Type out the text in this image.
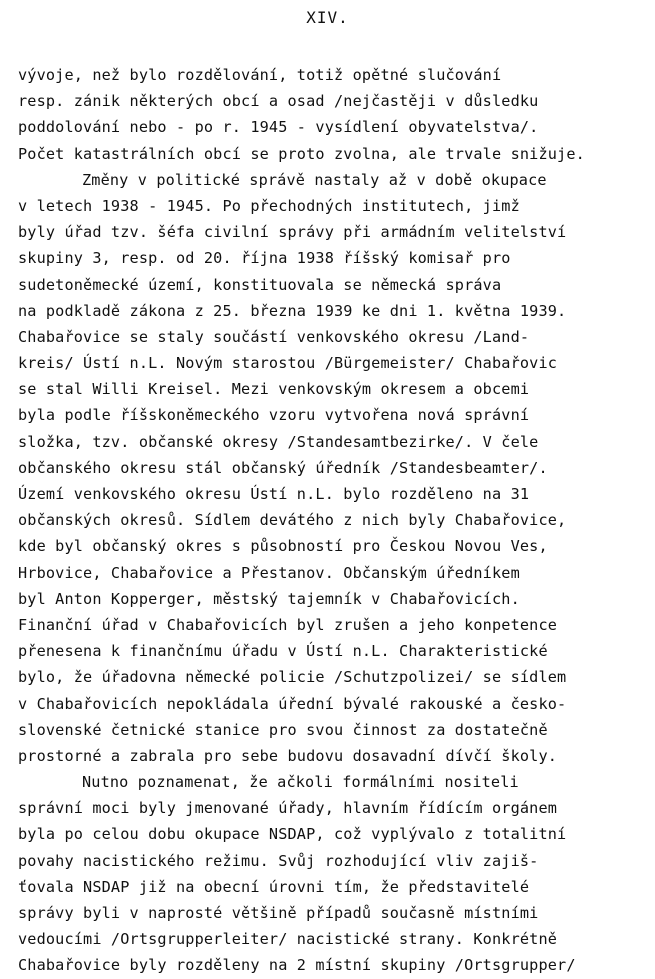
XIV.
vývoje, než bylo rozdělování, totiž opětné slučování
resp. zánik některých obcí a osad /nejčastěji v důsledku
poddolování nebo - po r. 1945 - vysídlení obyvatelstva/.
Počet katastrálních obcí se proto zvolna, ale trvale snižuje.
Změny v politické správě nastaly až v době okupace
v letech 1938 - 1945. Po přechodných institutech, jimž
byly úřad tzv. šéfa civilní správy při armádním velitelství
skupiny 3, resp. od 20. října 1938 říšský komisař pro
sudetoněmecké území, konstituovala se německá správa
na podkladě zákona z 25. března 1939 ke dni 1. května 1939.
Chabařovice se staly součástí venkovského okresu /Land-
kreis/ Ústí n.L. Novým starostou /Bürgemeister/ Chabařovic
se stal Willi Kreisel. Mezi venkovským okresem a obcemi
byla podle říšskoněmeckého vzoru vytvořena nová správní
složka, tzv. občanské okresy /Standesamtbezirke/. V čele
občanského okresu stál občanský úředník /Standesbeamter/.
Území venkovského okresu Ústí n.L. bylo rozděleno na 31
občanských okresů. Sídlem devátého z nich byly Chabařovice,
kde byl občanský okres s působností pro Českou Novou Ves,
Hrbovice, Chabařovice a Přestanov. Občanským úředníkem
byl Anton Kopperger, městský tajemník v Chabařovicích.
Finanční úřad v Chabařovicích byl zrušen a jeho konpetence
přenesena k finančnímu úřadu v Ústí n.L. Charakteristické
bylo, že úřadovna německé policie /Schutzpolizei/ se sídlem
v Chabařovicích nepokládala úřední bývalé rakouské a česko-
slovenské četnické stanice pro svou činnost za dostatečně
prostorné a zabrala pro sebe budovu dosavadní dívčí školy.
Nutno poznamenat, že ačkoli formálními nositeli
správní moci byly jmenované úřady, hlavním řídícím orgánem
byla po celou dobu okupace NSDAP, což vyplývalo z totalitní
povahy nacistického režimu. Svůj rozhodující vliv zajiš-
ťovala NSDAP již na obecní úrovni tím, že představitelé
správy byli v naprosté většině případů současně místními
vedoucími /Ortsgrupperleiter/ nacistické strany. Konkrétně
Chabařovice byly rozděleny na 2 místní skupiny /Ortsgrupper/
